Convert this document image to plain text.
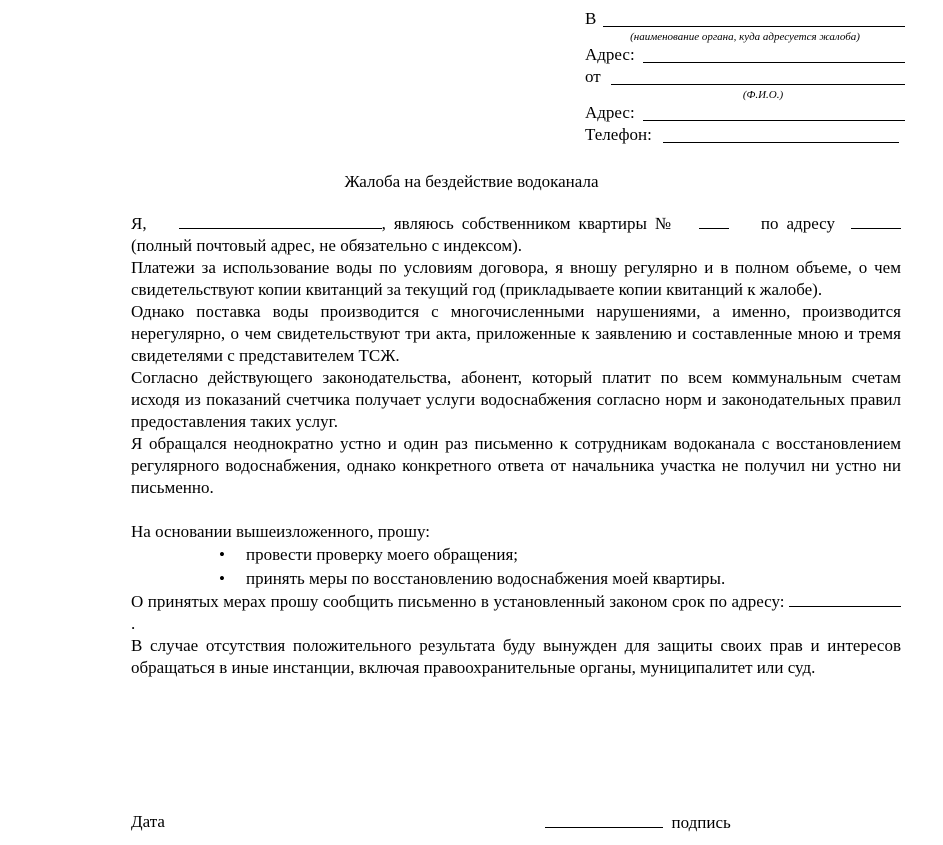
В
(наименование органа, куда адресуется жалоба)
Адрес:
от
(Ф.И.О.)
Адрес:
Телефон:
Жалоба на бездействие водоканала

Я,	, являюсь собственником квартиры №	по адресу

(полный почтовый адрес, не обязательно с индексом).

Платежи за использование воды по условиям договора, я вношу регулярно и в полном объеме, о чем свидетельствуют копии квитанций за текущий год (прикладываете копии квитанций к жалобе).

Однако поставка воды производится с многочисленными нарушениями, а именно, производится нерегулярно, о чем свидетельствуют три акта, приложенные к заявлению и составленные мною и тремя свидетелями с представителем ТСЖ.

Согласно действующего законодательства, абонент, который платит по всем коммунальным счетам исходя из показаний счетчика получает услуги водоснабжения согласно норм и законодательных правил предоставления таких услуг.

Я обращался неоднократно устно и один раз письменно к сотрудникам водоканала с восстановлением регулярного водоснабжения, однако конкретного ответа от начальника участка не получил ни устно ни письменно.

На основании вышеизложенного, прошу:

• провести проверку моего обращения;
• принять меры по восстановлению водоснабжения моей квартиры.

О принятых мерах прошу сообщить письменно в установленный законом срок по адресу: .

В случае отсутствия положительного результата буду вынужден для защиты своих прав и интересов обращаться в иные инстанции, включая правоохранительные органы, муниципалитет или суд.

Дата	подпись
